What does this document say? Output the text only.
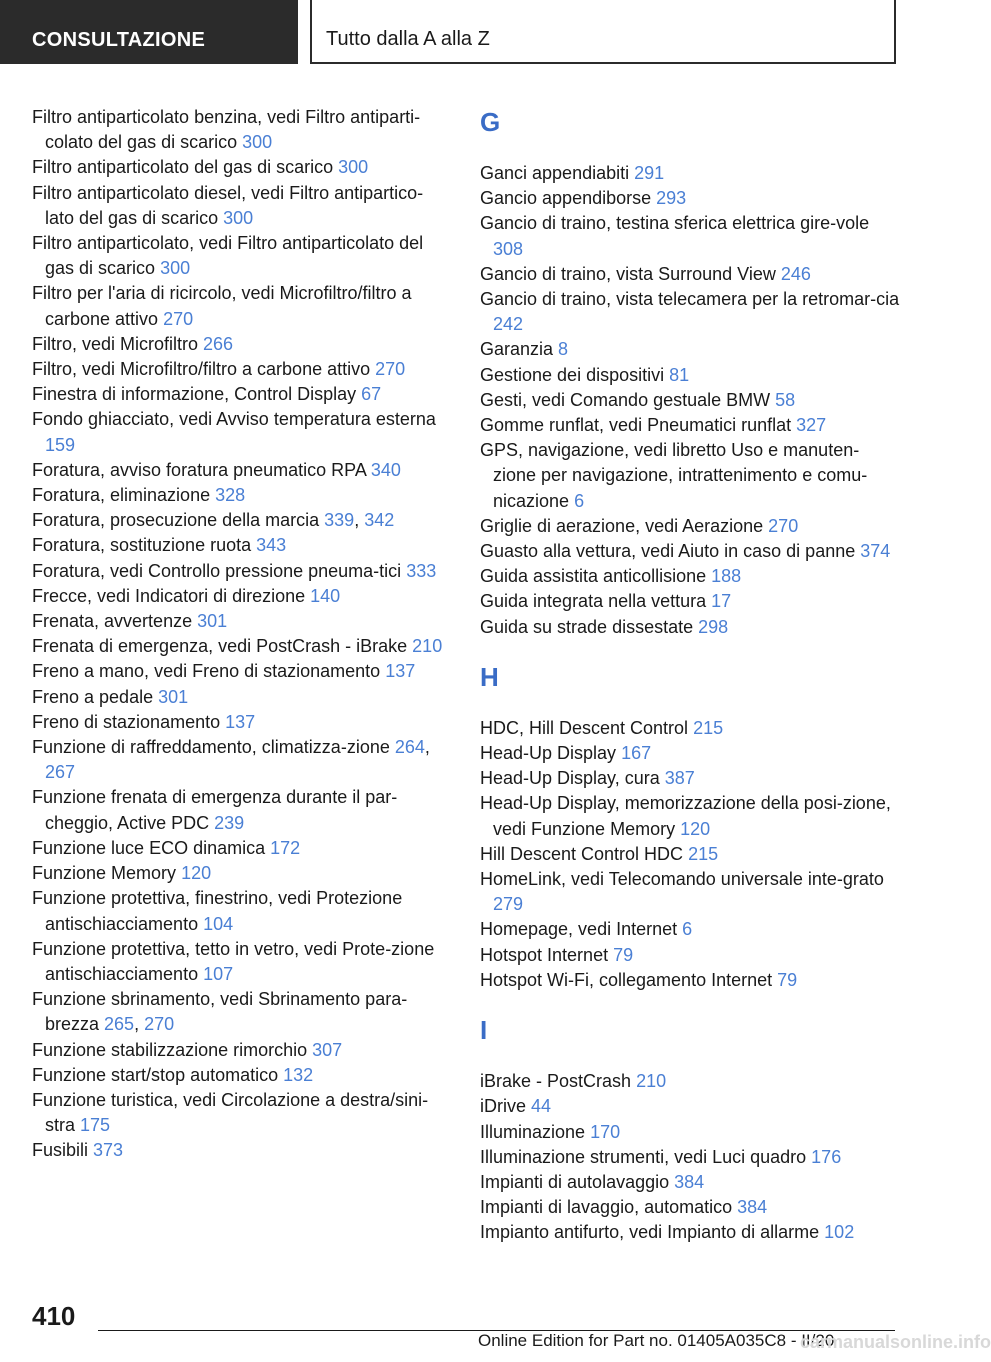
CONSULTAZIONE	Tutto dalla A alla Z
Filtro antiparticolato benzina, vedi Filtro antiparti-colato del gas di scarico 300
Filtro antiparticolato del gas di scarico 300
Filtro antiparticolato diesel, vedi Filtro antipartico-lato del gas di scarico 300
Filtro antiparticolato, vedi Filtro antiparticolato del gas di scarico 300
Filtro per l'aria di ricircolo, vedi Microfiltro/filtro a carbone attivo 270
Filtro, vedi Microfiltro 266
Filtro, vedi Microfiltro/filtro a carbone attivo 270
Finestra di informazione, Control Display 67
Fondo ghiacciato, vedi Avviso temperatura esterna 159
Foratura, avviso foratura pneumatico RPA 340
Foratura, eliminazione 328
Foratura, prosecuzione della marcia 339, 342
Foratura, sostituzione ruota 343
Foratura, vedi Controllo pressione pneuma-tici 333
Frecce, vedi Indicatori di direzione 140
Frenata, avvertenze 301
Frenata di emergenza, vedi PostCrash - iBrake 210
Freno a mano, vedi Freno di stazionamento 137
Freno a pedale 301
Freno di stazionamento 137
Funzione di raffreddamento, climatizza-zione 264, 267
Funzione frenata di emergenza durante il par-cheggio, Active PDC 239
Funzione luce ECO dinamica 172
Funzione Memory 120
Funzione protettiva, finestrino, vedi Protezione antischiacciamento 104
Funzione protettiva, tetto in vetro, vedi Prote-zione antischiacciamento 107
Funzione sbrinamento, vedi Sbrinamento para-brezza 265, 270
Funzione stabilizzazione rimorchio 307
Funzione start/stop automatico 132
Funzione turistica, vedi Circolazione a destra/sini-stra 175
Fusibili 373
G
Ganci appendiabiti 291
Gancio appendiborse 293
Gancio di traino, testina sferica elettrica gire-vole 308
Gancio di traino, vista Surround View 246
Gancio di traino, vista telecamera per la retromar-cia 242
Garanzia 8
Gestione dei dispositivi 81
Gesti, vedi Comando gestuale BMW 58
Gomme runflat, vedi Pneumatici runflat 327
GPS, navigazione, vedi libretto Uso e manuten-zione per navigazione, intrattenimento e comu-nicazione 6
Griglie di aerazione, vedi Aerazione 270
Guasto alla vettura, vedi Aiuto in caso di panne 374
Guida assistita anticollisione 188
Guida integrata nella vettura 17
Guida su strade dissestate 298
H
HDC, Hill Descent Control 215
Head-Up Display 167
Head-Up Display, cura 387
Head-Up Display, memorizzazione della posi-zione, vedi Funzione Memory 120
Hill Descent Control HDC 215
HomeLink, vedi Telecomando universale inte-grato 279
Homepage, vedi Internet 6
Hotspot Internet 79
Hotspot Wi-Fi, collegamento Internet 79
I
iBrake - PostCrash 210
iDrive 44
Illuminazione 170
Illuminazione strumenti, vedi Luci quadro 176
Impianti di autolavaggio 384
Impianti di lavaggio, automatico 384
Impianto antifurto, vedi Impianto di allarme 102
410
Online Edition for Part no. 01405A035C8 - II/20
carmanualsonline.info
